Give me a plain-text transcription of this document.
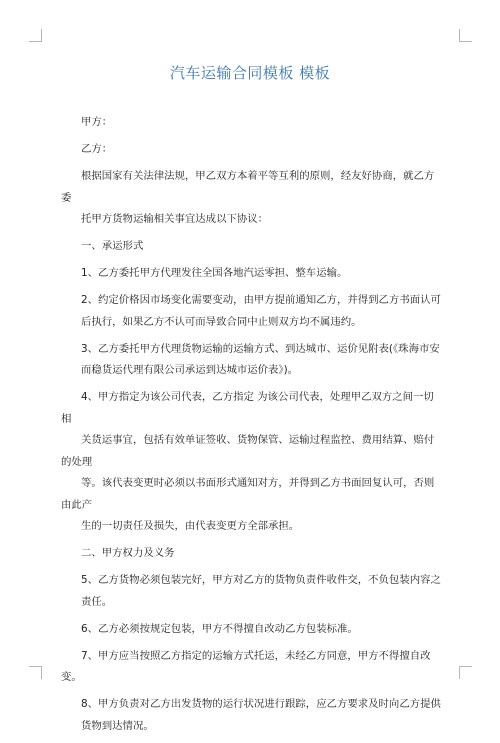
汽车运输合同模板 模板
甲方：
乙方：
根据国家有关法律法规，甲乙双方本着平等互利的原则，经友好协商，就乙方委
托甲方货物运输相关事宜达成以下协议：
一、承运形式
1、乙方委托甲方代理发往全国各地汽运零担、整车运输。
2、约定价格因市场变化需要变动，由甲方提前通知乙方，并得到乙方书面认可
后执行，如果乙方不认可而导致合同中止则双方均不属违约。
3、乙方委托甲方代理货物运输的运输方式、到达城市、运价见附表(《珠海市安
而稳货运代理有限公司承运到达城市运价表》)。
4、甲方指定为该公司代表，乙方指定 为该公司代表，处理甲乙双方之间一切相
关货运事宜，包括有效单证签收、货物保管、运输过程监控、费用结算、赔付的处理
等。该代表变更时必须以书面形式通知对方，并得到乙方书面回复认可，否则由此产
生的一切责任及损失，由代表变更方全部承担。
二、甲方权力及义务
5、乙方货物必须包装完好，甲方对乙方的货物负责件收件交，不负包装内容之
责任。
6、乙方必须按规定包装，甲方不得擅自改动乙方包装标准。
7、甲方应当按照乙方指定的运输方式托运，未经乙方同意，甲方不得擅自改变。
8、甲方负责对乙方出发货物的运行状况进行跟踪，应乙方要求及时向乙方提供
货物到达情况。
